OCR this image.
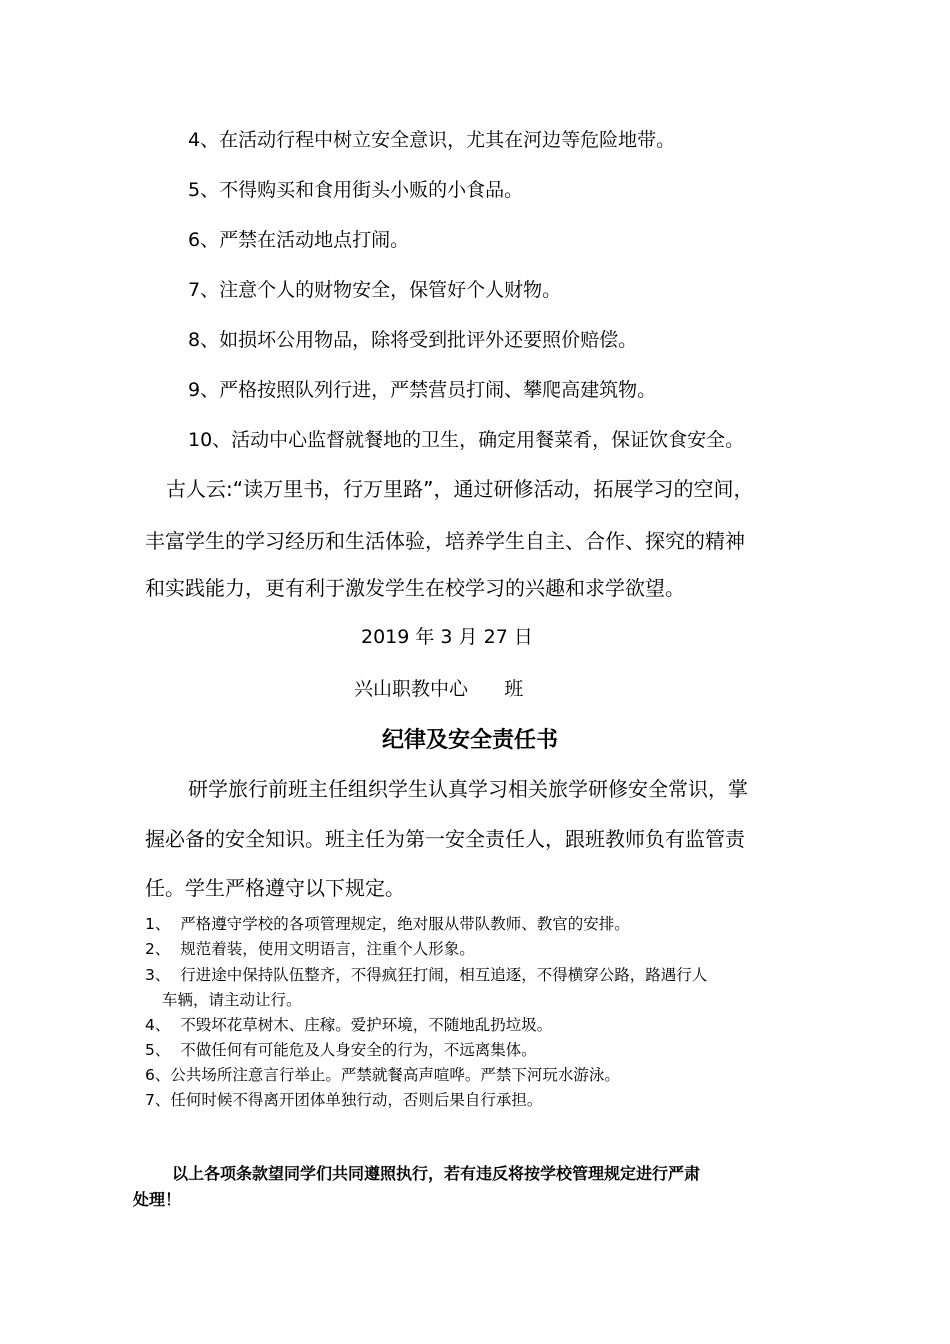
4、在活动行程中树立安全意识，尤其在河边等危险地带。
5、不得购买和食用街头小贩的小食品。
6、严禁在活动地点打闹。
7、注意个人的财物安全，保管好个人财物。
8、如损坏公用物品，除将受到批评外还要照价赔偿。
9、严格按照队列行进，严禁营员打闹、攀爬高建筑物。
10、活动中心监督就餐地的卫生，确定用餐菜肴，保证饮食安全。
古人云:“读万里书，行万里路”，通过研修活动，拓展学习的空间，
丰富学生的学习经历和生活体验，培养学生自主、合作、探究的精神
和实践能力，更有利于激发学生在校学习的兴趣和求学欲望。
2019 年 3 月 27 日
兴山职教中心      班
纪律及安全责任书
研学旅行前班主任组织学生认真学习相关旅学研修安全常识，掌
握必备的安全知识。班主任为第一安全责任人，跟班教师负有监管责
任。学生严格遵守以下规定。
1、  严格遵守学校的各项管理规定，绝对服从带队教师、教官的安排。
2、  规范着装，使用文明语言，注重个人形象。
3、  行进途中保持队伍整齐，不得疯狂打闹，相互追逐，不得横穿公路，路遇行人
车辆，请主动让行。
4、  不毁坏花草树木、庄稼。爱护环境，不随地乱扔垃圾。
5、  不做任何有可能危及人身安全的行为，不远离集体。
6、公共场所注意言行举止。严禁就餐高声喧哗。严禁下河玩水游泳。
7、任何时候不得离开团体单独行动，否则后果自行承担。
以上各项条款望同学们共同遵照执行，若有违反将按学校管理规定进行严肃
处理！
